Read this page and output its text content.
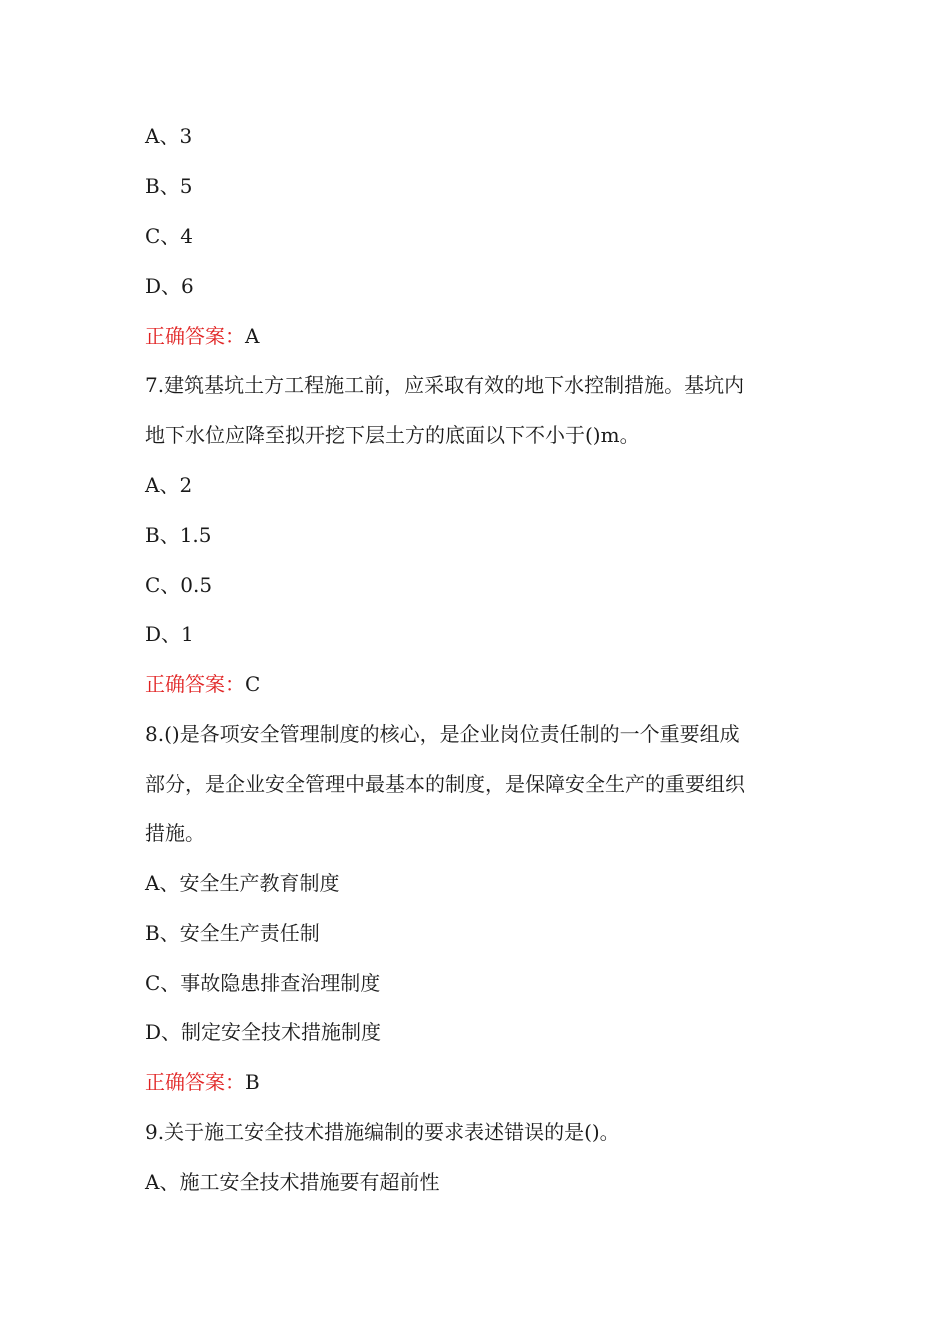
A、3
B、5
C、4
D、6
正确答案：A
7.建筑基坑土方工程施工前，应采取有效的地下水控制措施。基坑内
地下水位应降至拟开挖下层土方的底面以下不小于()m。
A、2
B、1.5
C、0.5
D、1
正确答案：C
8.()是各项安全管理制度的核心，是企业岗位责任制的一个重要组成
部分，是企业安全管理中最基本的制度，是保障安全生产的重要组织
措施。
A、安全生产教育制度
B、安全生产责任制
C、事故隐患排查治理制度
D、制定安全技术措施制度
正确答案：B
9.关于施工安全技术措施编制的要求表述错误的是()。
A、施工安全技术措施要有超前性
